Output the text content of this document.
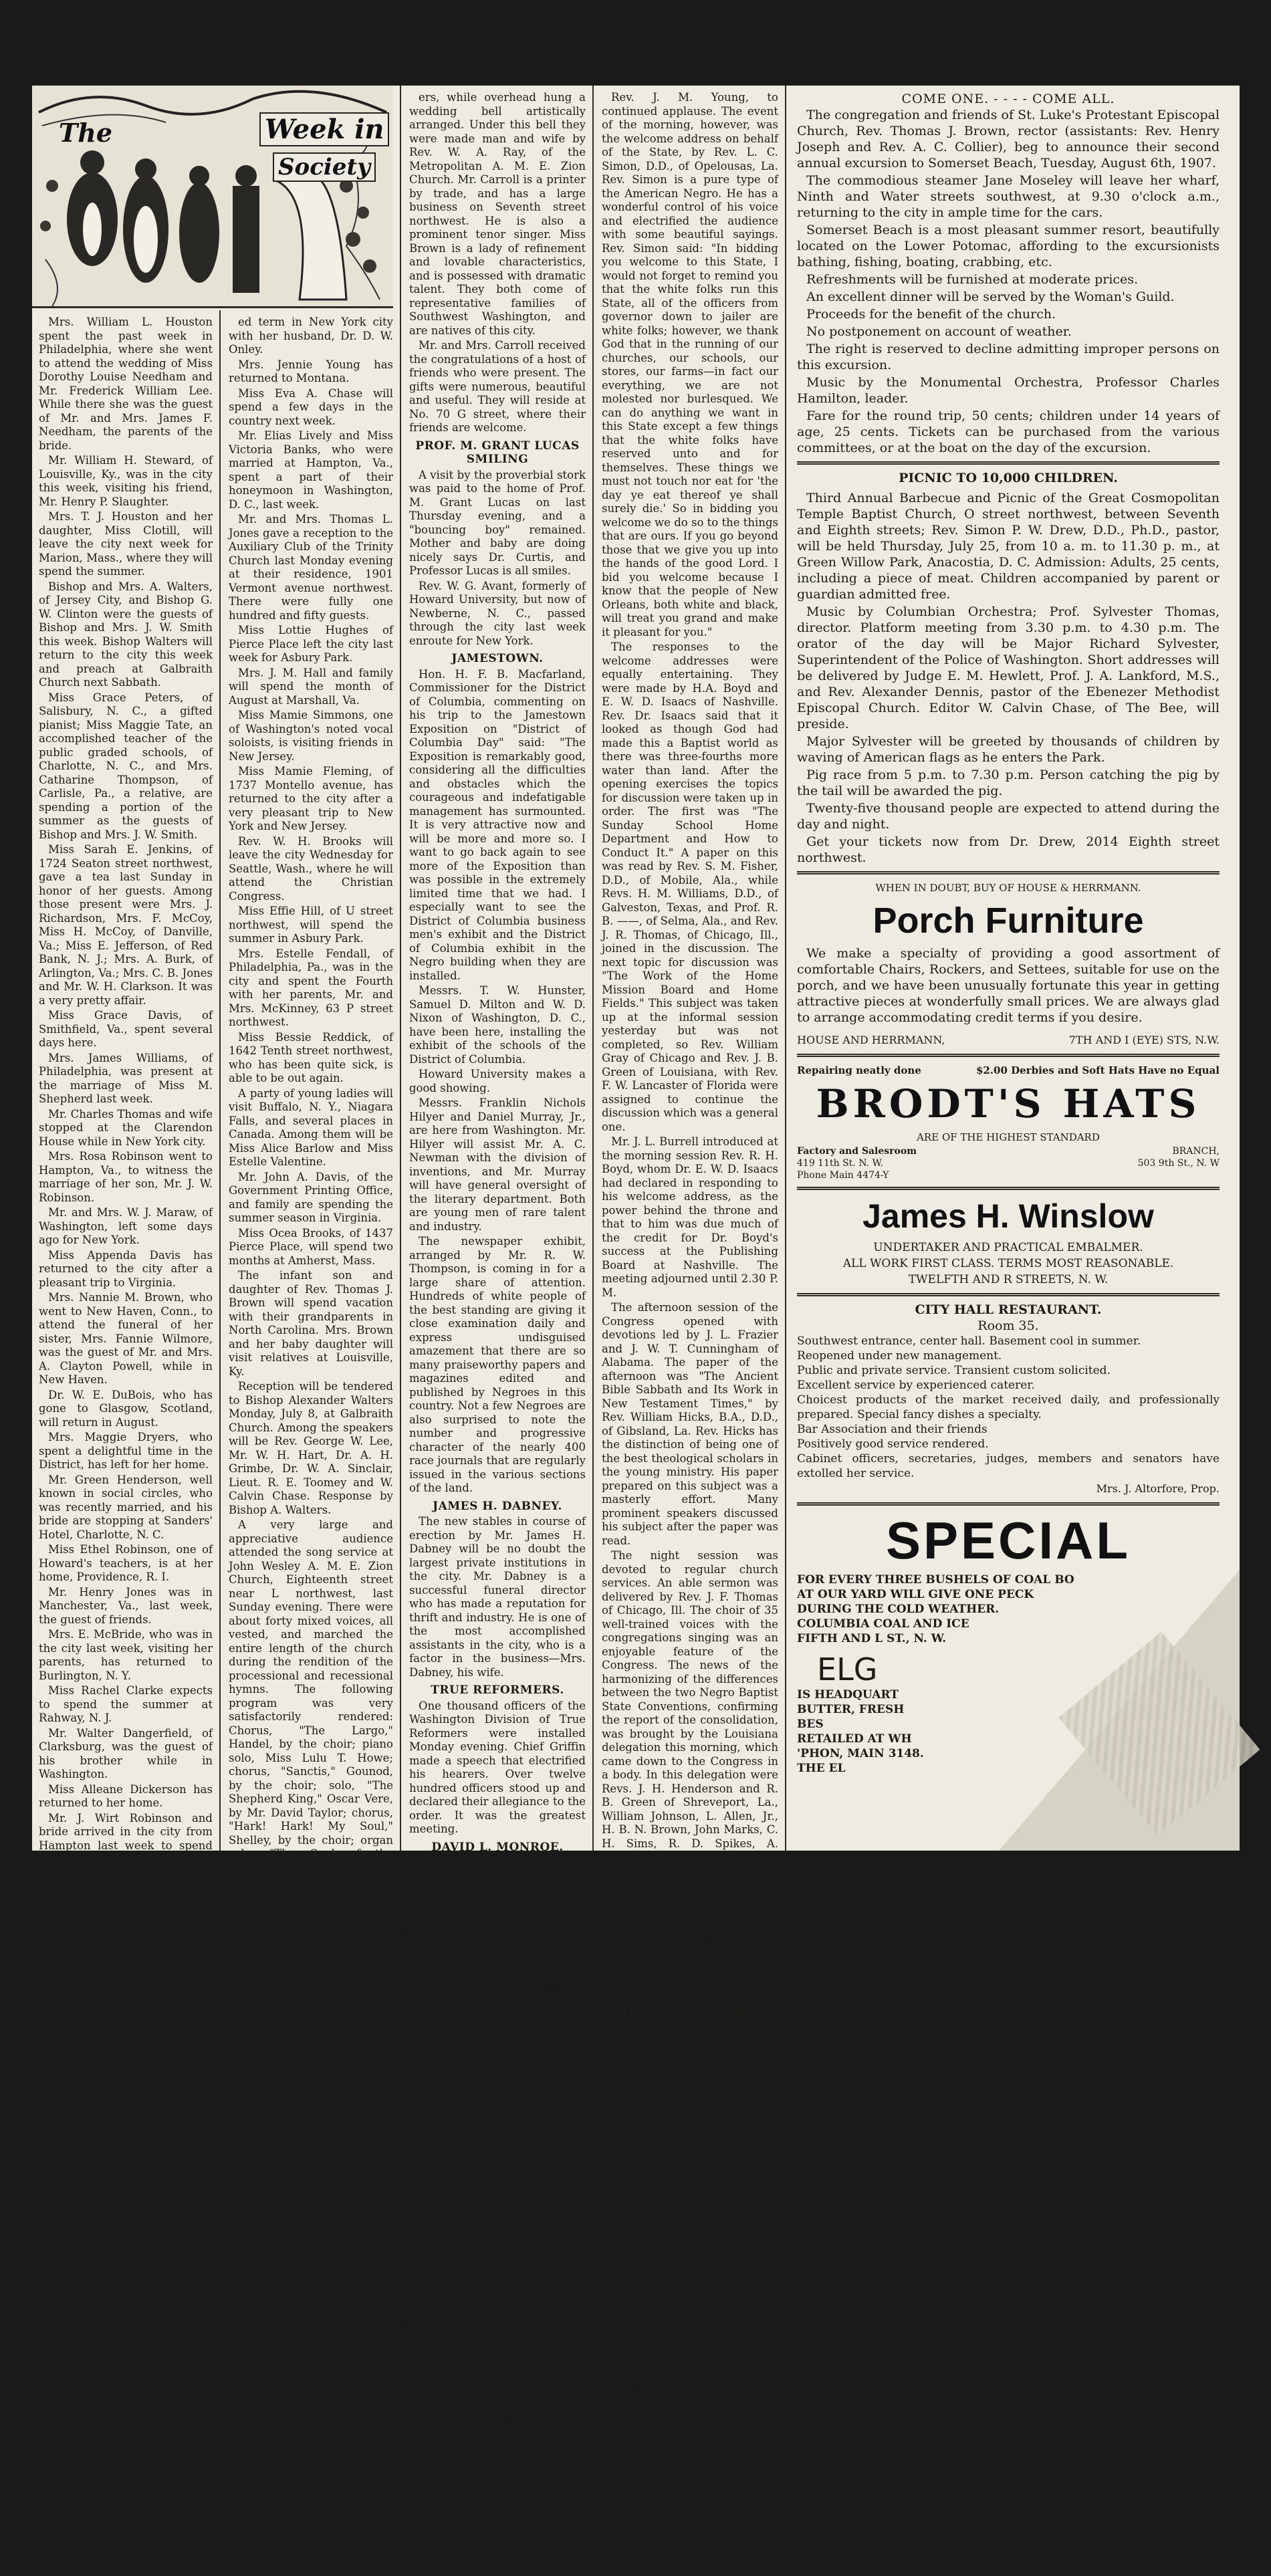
The	Week in
Society

Mrs. William L. Houston spent the past week in Philadelphia, where she went to attend the wedding of Miss Dorothy Louise Needham and Mr. Frederick William Lee. While there she was the guest of Mr. and Mrs. James F. Needham, the parents of the bride.

Mr. William H. Steward, of Louisville, Ky., was in the city this week, visiting his friend, Mr. Henry P. Slaughter.

Mrs. T. J. Houston and her daughter, Miss Clotill, will leave the city next week for Marion, Mass., where they will spend the summer.

Bishop and Mrs. A. Walters, of Jersey City, and Bishop G. W. Clinton were the guests of Bishop and Mrs. J. W. Smith this week. Bishop Walters will return to the city this week and preach at Galbraith Church next Sabbath.

Miss Grace Peters, of Salisbury, N. C., a gifted pianist; Miss Maggie Tate, an accomplished teacher of the public graded schools, of Charlotte, N. C., and Mrs. Catharine Thompson, of Carlisle, Pa., a relative, are spending a portion of the summer as the guests of Bishop and Mrs. J. W. Smith.

Miss Sarah E. Jenkins, of 1724 Seaton street northwest, gave a tea last Sunday in honor of her guests. Among those present were Mrs. J. Richardson, Mrs. F. McCoy, Miss H. McCoy, of Danville, Va.; Miss E. Jefferson, of Red Bank, N. J.; Mrs. A. Burk, of Arlington, Va.; Mrs. C. B. Jones and Mr. W. H. Clarkson. It was a very pretty affair.

Miss Grace Davis, of Smithfield, Va., spent several days here.

Mrs. James Williams, of Philadelphia, was present at the marriage of Miss M. Shepherd last week.

Mr. Charles Thomas and wife stopped at the Clarendon House while in New York city.

Mrs. Rosa Robinson went to Hampton, Va., to witness the marriage of her son, Mr. J. W. Robinson.

Mr. and Mrs. W. J. Maraw, of Washington, left some days ago for New York.

Miss Appenda Davis has returned to the city after a pleasant trip to Virginia.

Mrs. Nannie M. Brown, who went to New Haven, Conn., to attend the funeral of her sister, Mrs. Fannie Wilmore, was the guest of Mr. and Mrs. A. Clayton Powell, while in New Haven.

Dr. W. E. DuBois, who has gone to Glasgow, Scotland, will return in August.

Mrs. Maggie Dryers, who spent a delightful time in the District, has left for her home.

Mr. Green Henderson, well known in social circles, who was recently married, and his bride are stopping at Sanders' Hotel, Charlotte, N. C.

Miss Ethel Robinson, one of Howard's teachers, is at her home, Providence, R. I.

Mr. Henry Jones was in Manchester, Va., last week, the guest of friends.

Mrs. E. McBride, who was in the city last week, visiting her parents, has returned to Burlington, N. Y.

Miss Rachel Clarke expects to spend the summer at Rahway, N. J.

Mr. Walter Dangerfield, of Clarksburg, was the guest of his brother while in Washington.

Miss Alleane Dickerson has returned to her home.

Mr. J. Wirt Robinson and bride arrived in the city from Hampton last week to spend their honeymoon.

Miss Anna Charity entertained Mr. Henry Fisher, of Brooklyn, N. Y., during his visit to Washington.

After a pleasant visit to Washington, Miss Mamie Wiggins has returned to her home, Troy, N. Y.

Dr. I. R. Whipper was called to the city to attend the funeral of her brother, and she has returned to her field of labor in Clarksburg.

Miss Fannie Smith, who has spent some time in Washington, has returned to her home.

Mrs. George T. Brent, of Baltimore, Mr., came to the marriage of Miss Julia Crea, at the Hotel Maceo.

Rev. J. H. White went to Boston. While there he was the guest of his son, Mr. Richard White.

Mr. and Mrs. Samuel Quarles were recent visitors to the District.

Mrs. D. W. Onley will spend the heat-

ed term in New York city with her husband, Dr. D. W. Onley.

Mrs. Jennie Young has returned to Montana.

Miss Eva A. Chase will spend a few days in the country next week.

Mr. Elias Lively and Miss Victoria Banks, who were married at Hampton, Va., spent a part of their honeymoon in Washington, D. C., last week.

Mr. and Mrs. Thomas L. Jones gave a reception to the Auxiliary Club of the Trinity Church last Monday evening at their residence, 1901 Vermont avenue northwest. There were fully one hundred and fifty guests.

Miss Lottie Hughes of Pierce Place left the city last week for Asbury Park.

Mrs. J. M. Hall and family will spend the month of August at Marshall, Va.

Miss Mamie Simmons, one of Washington's noted vocal soloists, is visiting friends in New Jersey.

Miss Mamie Fleming, of 1737 Montello avenue, has returned to the city after a very pleasant trip to New York and New Jersey.

Rev. W. H. Brooks will leave the city Wednesday for Seattle, Wash., where he will attend the Christian Congress.

Miss Effie Hill, of U street northwest, will spend the summer in Asbury Park.

Mrs. Estelle Fendall, of Philadelphia, Pa., was in the city and spent the Fourth with her parents, Mr. and Mrs. McKinney, 63 P street northwest.

Miss Bessie Reddick, of 1642 Tenth street northwest, who has been quite sick, is able to be out again.

A party of young ladies will visit Buffalo, N. Y., Niagara Falls, and several places in Canada. Among them will be Miss Alice Barlow and Miss Estelle Valentine.

Mr. John A. Davis, of the Government Printing Office, and family are spending the summer season in Virginia.

Miss Ocea Brooks, of 1437 Pierce Place, will spend two months at Amherst, Mass.

The infant son and daughter of Rev. Thomas J. Brown will spend vacation with their grandparents in North Carolina. Mrs. Brown and her baby daughter will visit relatives at Louisville, Ky.

Reception will be tendered to Bishop Alexander Walters Monday, July 8, at Galbraith Church. Among the speakers will be Rev. George W. Lee, Mr. W. H. Hart, Dr. A. H. Grimbe, Dr. W. A. Sinclair, Lieut. R. E. Toomey and W. Calvin Chase. Response by Bishop A. Walters.

A very large and appreciative audience attended the song service at John Wesley A. M. E. Zion Church, Eighteenth street near L northwest, last Sunday evening. There were about forty mixed voices, all vested, and marched the entire length of the church during the rendition of the processional and recessional hymns. The following program was very satisfactorily rendered: Chorus, "The Largo," Handel, by the choir; piano solo, Miss Lulu T. Howe; chorus, "Sanctis," Gounod, by the choir; solo, "The Shepherd King," Oscar Vere, by Mr. David Taylor; chorus, "Hark! Hark! My Soul," Shelley, by the choir; organ solo, "The Soul of the Evening," Maul, J. Nickens; solo, "Eye Hath Not Seen," Gaul, by Mr. W. Scott Mayo; chorus, "Great and Marvelous," by the choir. Mr. Mayo directed the songs, assisted by Miss Josephine Stokes, organist. The Rev. P. H. Williams, pastor, presided.

There was quite an attractive wedding at No. 70 G street northwest, on the evening of the 18th ultimo. The contracting parties were Mr. Joseph Carroll and Miss Estelle D. Brown, daughter of Mrs. Mary Gant. Promptly at 8 p.m. the bride and broom marched into the parlor to the beautiful strains of Mendelssohn's march, played by Mr. J. Hilliary Taylor. They were accompanied by Miss Annie M. Green, bridesmaid, and Dr. B. F. Hailstock, groom's best man. The parties stood in a corner of the room, which was banked with flow-

ers, while overhead hung a wedding bell artistically arranged. Under this bell they were made man and wife by Rev. W. A. Ray, of the Metropolitan A. M. E. Zion Church. Mr. Carroll is a printer by trade, and has a large business on Seventh street northwest. He is also a prominent tenor singer. Miss Brown is a lady of refinement and lovable characteristics, and is possessed with dramatic talent. They both come of representative families of Southwest Washington, and are natives of this city.

Mr. and Mrs. Carroll received the congratulations of a host of friends who were present. The gifts were numerous, beautiful and useful. They will reside at No. 70 G street, where their friends are welcome.

PROF. M. GRANT LUCAS SMILING

A visit by the proverbial stork was paid to the home of Prof. M. Grant Lucas on last Thursday evening, and a "bouncing boy" remained. Mother and baby are doing nicely says Dr. Curtis, and Professor Lucas is all smiles.

Rev. W. G. Avant, formerly of Howard University, but now of Newberne, N. C., passed through the city last week enroute for New York.

JAMESTOWN.

Hon. H. F. B. Macfarland, Commissioner for the District of Columbia, commenting on his trip to the Jamestown Exposition on "District of Columbia Day" said: "The Exposition is remarkably good, considering all the difficulties and obstacles which the courageous and indefatigable management has surmounted. It is very attractive now and will be more and more so. I want to go back again to see more of the Exposition than was possible in the extremely limited time that we had. I especially want to see the District of Columbia business men's exhibit and the District of Columbia exhibit in the Negro building when they are installed.

Messrs. T. W. Hunster, Samuel D. Milton and W. D. Nixon of Washington, D. C., have been here, installing the exhibit of the schools of the District of Columbia.

Howard University makes a good showing.

Messrs. Franklin Nichols Hilyer and Daniel Murray, Jr., are here from Washington. Mr. Hilyer will assist Mr. A. C. Newman with the division of inventions, and Mr. Murray will have general oversight of the literary department. Both are young men of rare talent and industry.

The newspaper exhibit, arranged by Mr. R. W. Thompson, is coming in for a large share of attention. Hundreds of white people of the best standing are giving it close examination daily and express undisguised amazement that there are so many praiseworthy papers and magazines edited and published by Negroes in this country. Not a few Negroes are also surprised to note the number and progressive character of the nearly 400 race journals that are regularly issued in the various sections of the land.

JAMES H. DABNEY.

The new stables in course of erection by Mr. James H. Dabney will be no doubt the largest private institutions in the city. Mr. Dabney is a successful funeral director who has made a reputation for thrift and industry. He is one of the most accomplished assistants in the city, who is a factor in the business—Mrs. Dabney, his wife.

TRUE REFORMERS.

One thousand officers of the Washington Division of True Reformers were installed Monday evening. Chief Griffin made a speech that electrified his hearers. Over twelve hundred officers stood up and declared their allegiance to the order. It was the greatest meeting.

DAVID L. MONROE.

One of the most valuable men in the one of the most valuable teachers in the Armstrong Manual Training School is Mr. David L. Monroe. He has done more for the young men in that school than any teacher in his line of work. Mr. Vermillion states that more young colored men have successfully passed the examination in engineering under his tutorship than any other teacher who has been in that line of business. Mr. Monroe is a man who has the respect and confidence of the best men in this country. He has the respect of honest people and men and women of high moral character. His army record is No. 1. The Armstrong Manual Training School should feel congratulated on having such a teacher.

SUNDAY SCHOOL CONGRESS.
First Day's Session.

New Orleans, La., June 27, 1907.

The opening of the First Day's session of the National Baptist Sunday School Congress and B. Y. P. U. Chautauqua marked the beginning of what promises to be one of the most important annual meetings among the Baptists. It was the first time that the Congress of Baptists was ever held in New Orleans and the Baptists of New Orleans opened the meeting by Scripture reading, after which Rev. J. H. Fleming welcomed the Congress on the behalf of the First District of Louisiana. The audience that filled the church gave the welcome address which was delivered on the part of the pastor,

Rev. J. M. Young, to continued applause. The event of the morning, however, was the welcome address on behalf of the State, by Rev. L. C. Simon, D.D., of Opelousas, La. Rev. Simon is a pure type of the American Negro. He has a wonderful control of his voice and electrified the audience with some beautiful sayings. Rev. Simon said: "In bidding you welcome to this State, I would not forget to remind you that the white folks run this State, all of the officers from governor down to jailer are white folks; however, we thank God that in the running of our churches, our schools, our stores, our farms—in fact our everything, we are not molested nor burlesqued. We can do anything we want in this State except a few things that the white folks have reserved unto and for themselves. These things we must not touch nor eat for 'the day ye eat thereof ye shall surely die.' So in bidding you welcome we do so to the things that are ours. If you go beyond those that we give you up into the hands of the good Lord. I bid you welcome because I know that the people of New Orleans, both white and black, will treat you grand and make it pleasant for you."

The responses to the welcome addresses were equally entertaining. They were made by H.A. Boyd and E. W. D. Isaacs of Nashville. Rev. Dr. Isaacs said that it looked as though God had made this a Baptist world as there was three-fourths more water than land. After the opening exercises the topics for discussion were taken up in order. The first was "The Sunday School Home Department and How to Conduct It." A paper on this was read by Rev. S. M. Fisher, D.D., of Mobile, Ala., while Revs. H. M. Williams, D.D., of Galveston, Texas, and Prof. R. B. ——, of Selma, Ala., and Rev. J. R. Thomas, of Chicago, Ill., joined in the discussion. The next topic for discussion was "The Work of the Home Mission Board and Home Fields." This subject was taken up at the informal session yesterday but was not completed, so Rev. William Gray of Chicago and Rev. J. B. Green of Louisiana, with Rev. F. W. Lancaster of Florida were assigned to continue the discussion which was a general one.

Mr. J. L. Burrell introduced at the morning session Rev. R. H. Boyd, whom Dr. E. W. D. Isaacs had declared in responding to his welcome address, as the power behind the throne and that to him was due much of the credit for Dr. Boyd's success at the Publishing Board at Nashville. The meeting adjourned until 2.30 P. M.

The afternoon session of the Congress opened with devotions led by J. L. Frazier and J. W. T. Cunningham of Alabama. The paper of the afternoon was "The Ancient Bible Sabbath and Its Work in New Testament Times," by Rev. William Hicks, B.A., D.D., of Gibsland, La. Rev. Hicks has the distinction of being one of the best theological scholars in the young ministry. His paper prepared on this subject was a masterly effort. Many prominent speakers discussed his subject after the paper was read.

The night session was devoted to regular church services. An able sermon was delivered by Rev. J. F. Thomas of Chicago, Ill. The choir of 35 well-trained voices with the congregations singing was an enjoyable feature of the Congress. The news of the harmonizing of the differences between the two Negro Baptist State Conventions, confirming the report of the consolidation, was brought by the Louisiana delegation this morning, which came down to the Congress in a body. In this delegation were Revs. J. H. Henderson and R. B. Green of Shreveport, La., William Johnson, L. Allen, Jr., H. B. N. Brown, John Marks, C. H. Sims, R. D. Spikes, A. Hubbs and J. L. Burrell. Other late arrivals were H. M. Williams of Texas, F. W. Lancaster of Florida, R. B. Hudson and Miss Gibbs of Alabama. The sessions will open every morning at ten. There will be regularly prepared sermons each night with a special literary program for Saturday night.

ITEMS ON THE WING.

The Rt. Rev. A. B. Allen, D.D., National Grand Master of F. A. A. Y. Masons, has returned from a successful trip through the State of North Carolina. He has now gone to the State of Mississippi. He reports great success in his Masonic movements. The States are gradually returning to the national fold.

Major J. E. Bell, superintendent of City Delivery, P. O., will be transferred to Station A, West Washington. This transfer will mean a reduction of $500 in his salary. He has been a clerk for 32 years.

The members of the York Rite D. C. (Compacks) observed St. Johns by services at their hall, O and 4th streets, N. W.

Edna Rash, colored, of Linden, N. J., shot and killed her white husband, Chas. Rash, because he wanted her to clean some fish for supper.

There was a small sized race war at the Treasury Department last week in the office of supervising architect. Things are said to be in a pretty bad shape, as far as our people are concerned; disgraceful state of affairs.

Brother H. E. Workman is one of the prominent members of the Compack Masonic Fraternity of Waynesburg, Pa.

COME ONE. - - - - COME ALL.

The congregation and friends of St. Luke's Protestant Episcopal Church, Rev. Thomas J. Brown, rector (assistants: Rev. Henry Joseph and Rev. A. C. Collier), beg to announce their second annual excursion to Somerset Beach, Tuesday, August 6th, 1907.

The commodious steamer Jane Moseley will leave her wharf, Ninth and Water streets southwest, at 9.30 o'clock a.m., returning to the city in ample time for the cars.

Somerset Beach is a most pleasant summer resort, beautifully located on the Lower Potomac, affording to the excursionists bathing, fishing, boating, crabbing, etc.

Refreshments will be furnished at moderate prices.

An excellent dinner will be served by the Woman's Guild.

Proceeds for the benefit of the church.

No postponement on account of weather.

The right is reserved to decline admitting improper persons on this excursion.

Music by the Monumental Orchestra, Professor Charles Hamilton, leader.

Fare for the round trip, 50 cents; children under 14 years of age, 25 cents. Tickets can be purchased from the various committees, or at the boat on the day of the excursion.

PICNIC TO 10,000 CHILDREN.

Third Annual Barbecue and Picnic of the Great Cosmopolitan Temple Baptist Church, O street northwest, between Seventh and Eighth streets; Rev. Simon P. W. Drew, D.D., Ph.D., pastor, will be held Thursday, July 25, from 10 a. m. to 11.30 p. m., at Green Willow Park, Anacostia, D. C. Admission: Adults, 25 cents, including a piece of meat. Children accompanied by parent or guardian admitted free.

Music by Columbian Orchestra; Prof. Sylvester Thomas, director. Platform meeting from 3.30 p.m. to 4.30 p.m. The orator of the day will be Major Richard Sylvester, Superintendent of the Police of Washington. Short addresses will be delivered by Judge E. M. Hewlett, Prof. J. A. Lankford, M.S., and Rev. Alexander Dennis, pastor of the Ebenezer Methodist Episcopal Church. Editor W. Calvin Chase, of The Bee, will preside.

Major Sylvester will be greeted by thousands of children by waving of American flags as he enters the Park.

Pig race from 5 p.m. to 7.30 p.m. Person catching the pig by the tail will be awarded the pig.

Twenty-five thousand people are expected to attend during the day and night.

Get your tickets now from Dr. Drew, 2014 Eighth street northwest.

WHEN IN DOUBT, BUY OF HOUSE & HERRMANN.
Porch Furniture

We make a specialty of providing a good assortment of comfortable Chairs, Rockers, and Settees, suitable for use on the porch, and we have been unusually fortunate this year in getting attractive pieces at wonderfully small prices. We are always glad to arrange accommodating credit terms if you desire.

HOUSE AND HERRMANN,	7TH AND I (EYE) STS, N.W.
Repairing neatly done	$2.00 Derbies and Soft Hats Have no Equal
BRODT'S HATS
ARE OF THE HIGHEST STANDARD
Factory and Salesroom
419 11th St. N. W.
Phone Main 4474-Y
BRANCH,
503 9th St., N. W
James H. Winslow
UNDERTAKER AND PRACTICAL EMBALMER.
ALL WORK FIRST CLASS. TERMS MOST REASONABLE.
TWELFTH AND R STREETS, N. W.
CITY HALL RESTAURANT.
Room 35.
Southwest entrance, center hall. Basement cool in summer.
Reopened under new management.
Public and private service. Transient custom solicited.
Excellent service by experienced caterer.
Choicest products of the market received daily, and professionally prepared. Special fancy dishes a specialty.
Bar Association and their friends
Positively good service rendered.
Cabinet officers, secretaries, judges, members and senators have extolled her service.
Mrs. J. Altorfore, Prop.
SPECIAL
FOR EVERY THREE BUSHELS OF COAL BO
AT OUR YARD WILL GIVE ONE PECK
DURING THE COLD WEATHER.
COLUMBIA COAL AND ICE
FIFTH AND L ST., N. W.
ELG
IS HEADQUART
BUTTER, FRESH
BES
RETAILED AT WH
'PHON, MAIN 3148.
THE EL
